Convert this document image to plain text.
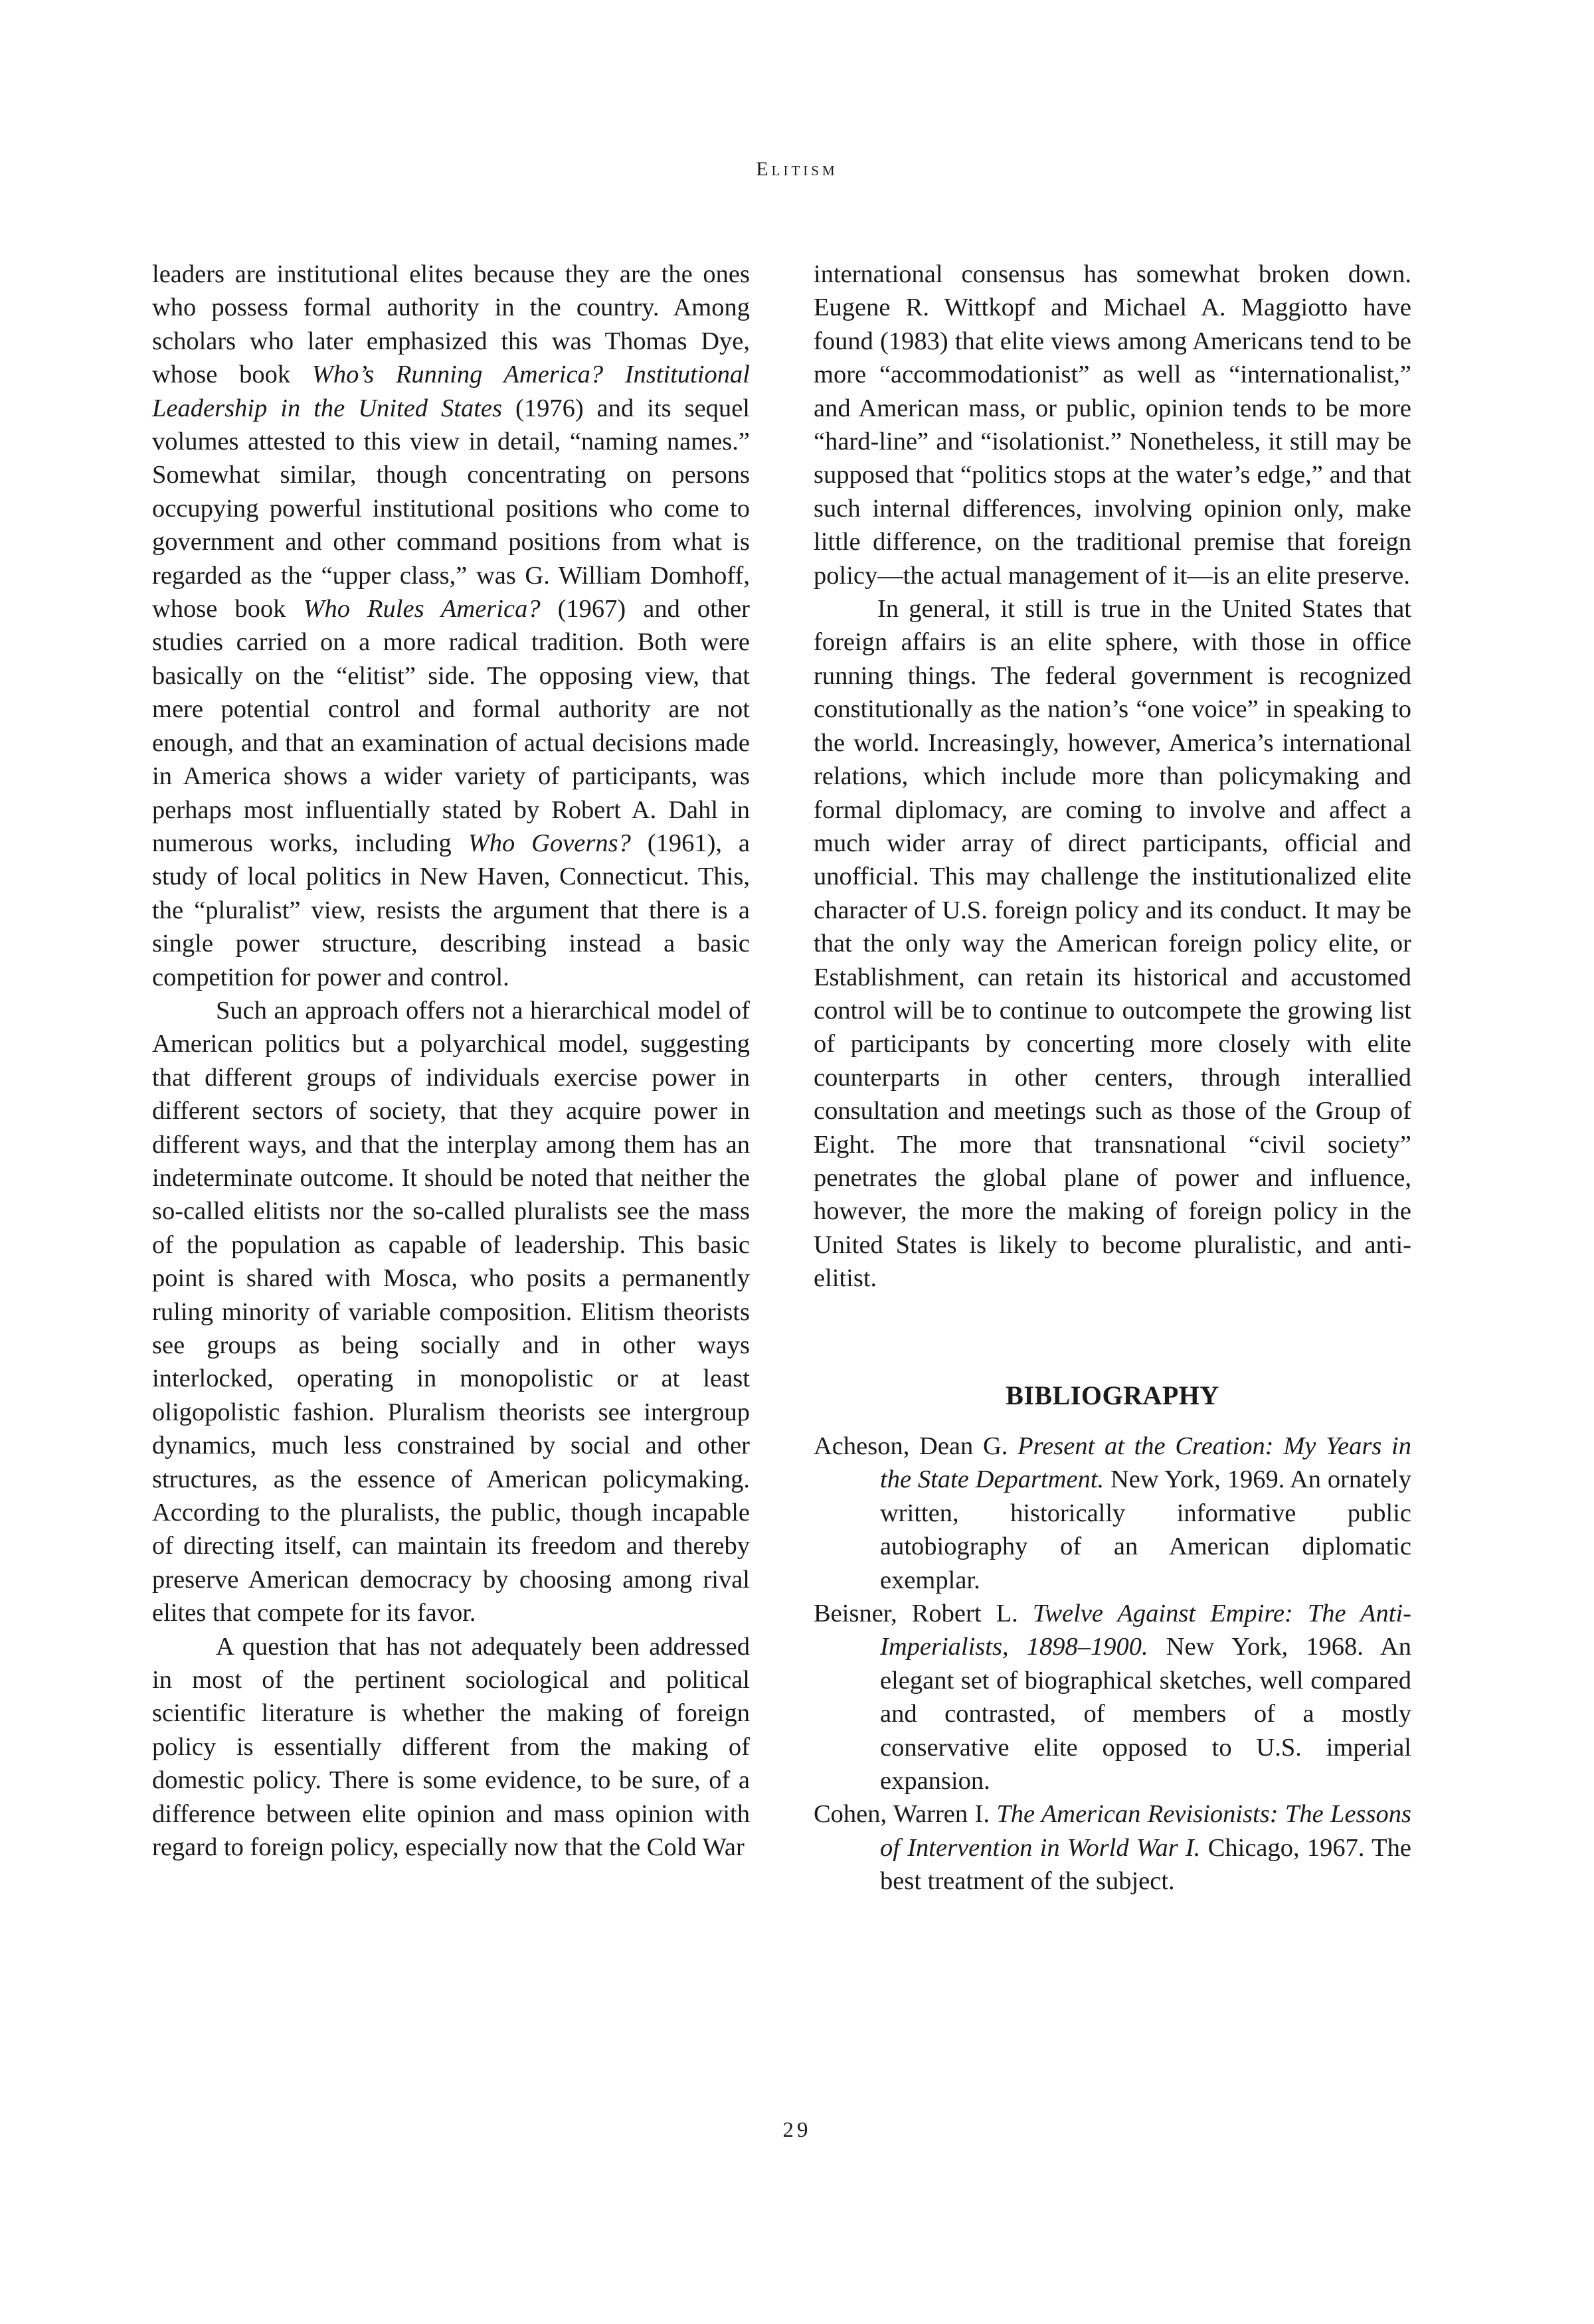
Elitism

leaders are institutional elites because they are the ones who possess formal authority in the country. Among scholars who later emphasized this was Thomas Dye, whose book Who’s Running America? Institutional Leadership in the United States (1976) and its sequel volumes attested to this view in detail, “naming names.” Somewhat similar, though concentrating on persons occupying powerful institutional positions who come to government and other command positions from what is regarded as the “upper class,” was G. William Domhoff, whose book Who Rules America? (1967) and other studies carried on a more radical tradition. Both were basically on the “elitist” side. The opposing view, that mere potential control and formal authority are not enough, and that an examination of actual decisions made in America shows a wider variety of participants, was perhaps most influentially stated by Robert A. Dahl in numerous works, including Who Governs? (1961), a study of local politics in New Haven, Connecticut. This, the “pluralist” view, resists the argument that there is a single power structure, describing instead a basic competition for power and control.

Such an approach offers not a hierarchical model of American politics but a polyarchical model, suggesting that different groups of individuals exercise power in different sectors of society, that they acquire power in different ways, and that the interplay among them has an indeterminate outcome. It should be noted that neither the so-called elitists nor the so-called pluralists see the mass of the population as capable of leadership. This basic point is shared with Mosca, who posits a permanently ruling minority of variable composition. Elitism theorists see groups as being socially and in other ways interlocked, operating in monopolistic or at least oligopolistic fashion. Pluralism theorists see intergroup dynamics, much less constrained by social and other structures, as the essence of American policymaking. According to the pluralists, the public, though incapable of directing itself, can maintain its freedom and thereby preserve American democracy by choosing among rival elites that compete for its favor.

A question that has not adequately been addressed in most of the pertinent sociological and political scientific literature is whether the making of foreign policy is essentially different from the making of domestic policy. There is some evidence, to be sure, of a difference between elite opinion and mass opinion with regard to foreign policy, especially now that the Cold War

international consensus has somewhat broken down. Eugene R. Wittkopf and Michael A. Maggiotto have found (1983) that elite views among Americans tend to be more “accommodationist” as well as “internationalist,” and American mass, or public, opinion tends to be more “hard-line” and “isolationist.” Nonetheless, it still may be supposed that “politics stops at the water’s edge,” and that such internal differences, involving opinion only, make little difference, on the traditional premise that foreign policy—the actual management of it—is an elite preserve.

In general, it still is true in the United States that foreign affairs is an elite sphere, with those in office running things. The federal government is recognized constitutionally as the nation’s “one voice” in speaking to the world. Increasingly, however, America’s international relations, which include more than policymaking and formal diplomacy, are coming to involve and affect a much wider array of direct participants, official and unofficial. This may challenge the institutionalized elite character of U.S. foreign policy and its conduct. It may be that the only way the American foreign policy elite, or Establishment, can retain its historical and accustomed control will be to continue to outcompete the growing list of participants by concerting more closely with elite counterparts in other centers, through interallied consultation and meetings such as those of the Group of Eight. The more that transnational “civil society” penetrates the global plane of power and influence, however, the more the making of foreign policy in the United States is likely to become pluralistic, and anti-elitist.

BIBLIOGRAPHY

Acheson, Dean G. Present at the Creation: My Years in the State Department. New York, 1969. An ornately written, historically informative public autobiography of an American diplomatic exemplar.

Beisner, Robert L. Twelve Against Empire: The Anti-Imperialists, 1898–1900. New York, 1968. An elegant set of biographical sketches, well compared and contrasted, of members of a mostly conservative elite opposed to U.S. imperial expansion.

Cohen, Warren I. The American Revisionists: The Lessons of Intervention in World War I. Chicago, 1967. The best treatment of the subject.

29
